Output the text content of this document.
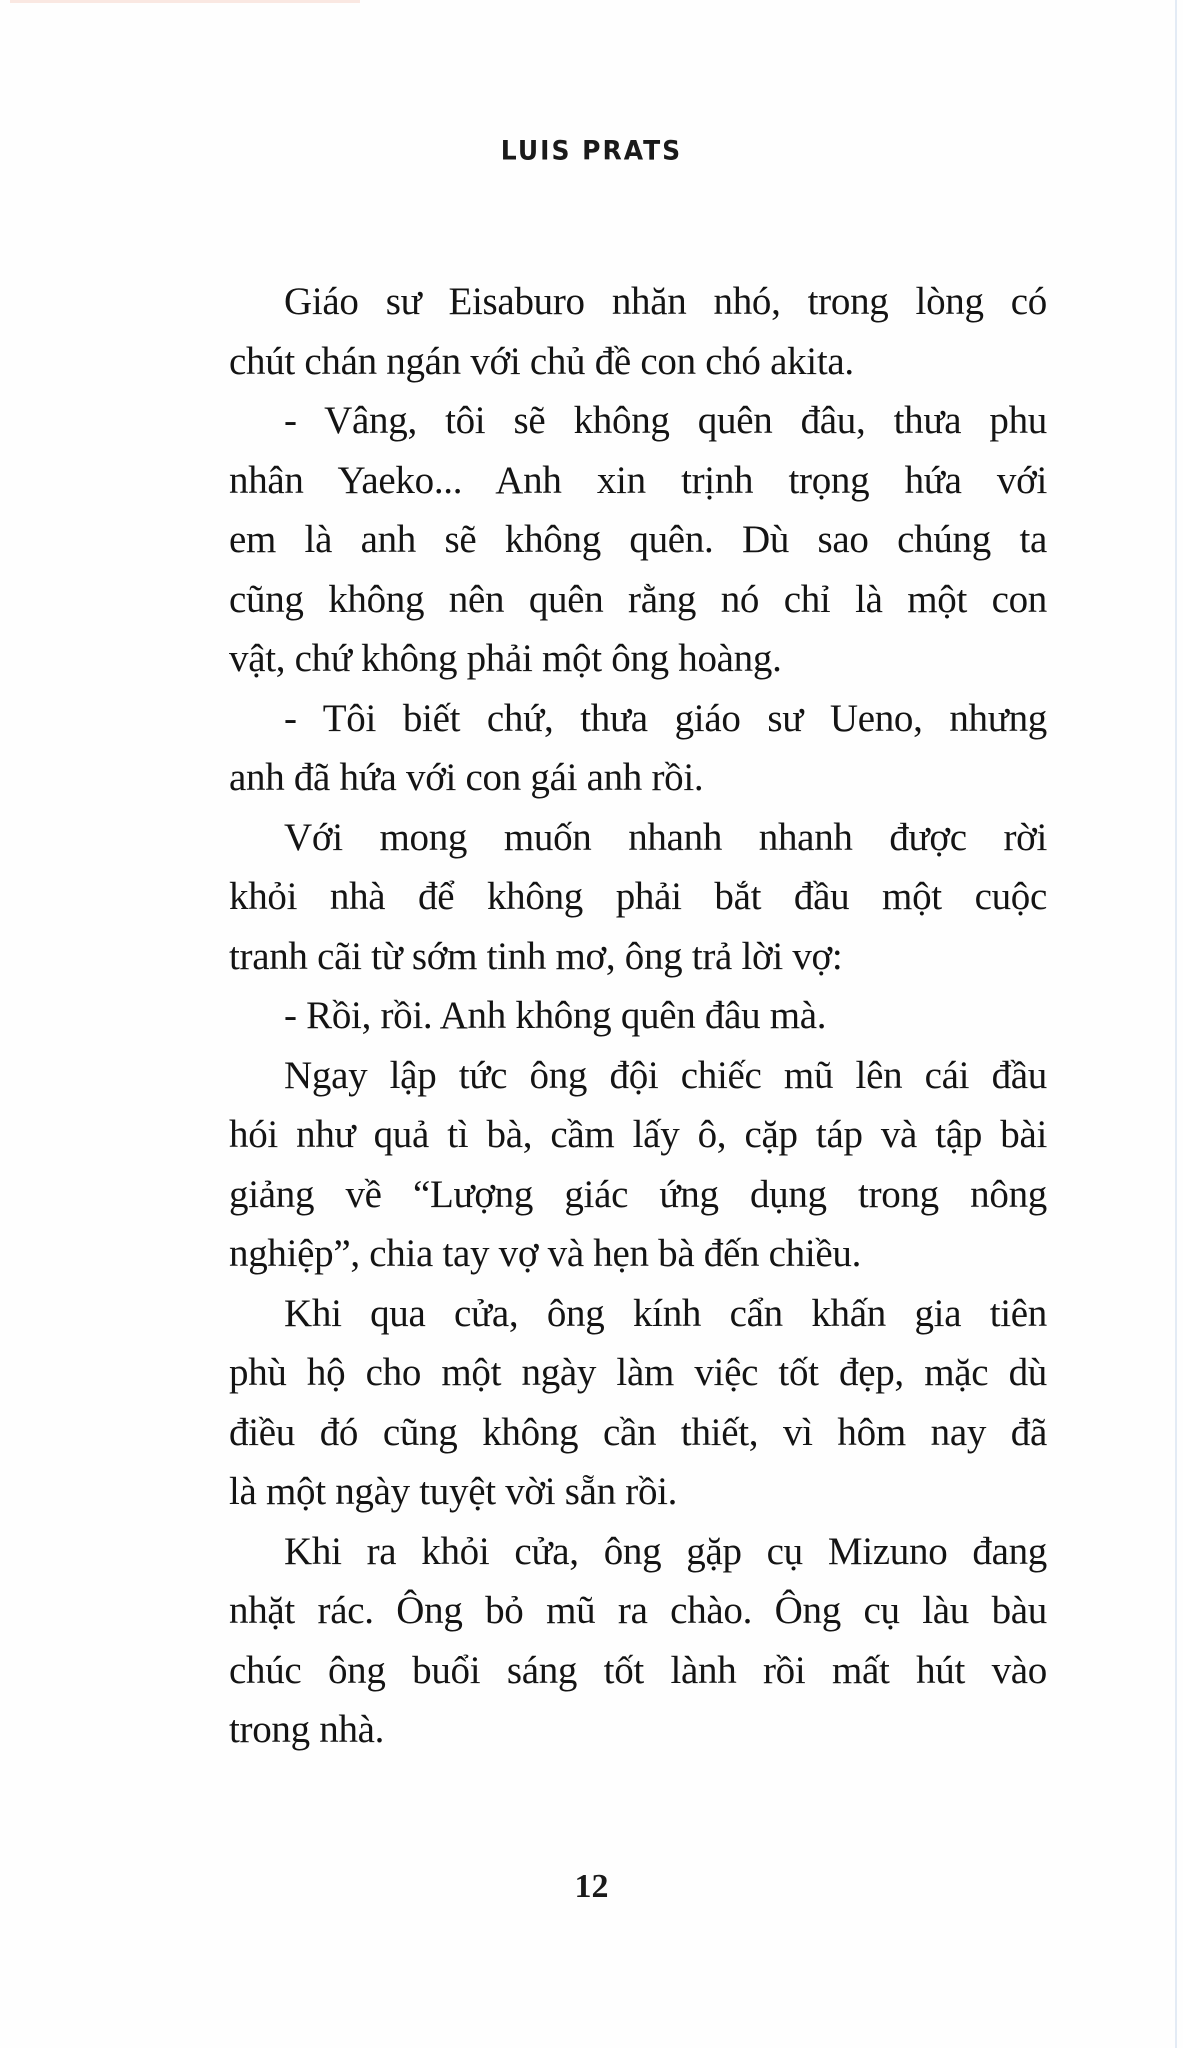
LUIS PRATS
Giáo sư Eisaburo nhăn nhó, trong lòng có
chút chán ngán với chủ đề con chó akita.
- Vâng, tôi sẽ không quên đâu, thưa phu
nhân Yaeko... Anh xin trịnh trọng hứa với
em là anh sẽ không quên. Dù sao chúng ta
cũng không nên quên rằng nó chỉ là một con
vật, chứ không phải một ông hoàng.
- Tôi biết chứ, thưa giáo sư Ueno, nhưng
anh đã hứa với con gái anh rồi.
Với mong muốn nhanh nhanh được rời
khỏi nhà để không phải bắt đầu một cuộc
tranh cãi từ sớm tinh mơ, ông trả lời vợ:
- Rồi, rồi. Anh không quên đâu mà.
Ngay lập tức ông đội chiếc mũ lên cái đầu
hói như quả tì bà, cầm lấy ô, cặp táp và tập bài
giảng về “Lượng giác ứng dụng trong nông
nghiệp”, chia tay vợ và hẹn bà đến chiều.
Khi qua cửa, ông kính cẩn khấn gia tiên
phù hộ cho một ngày làm việc tốt đẹp, mặc dù
điều đó cũng không cần thiết, vì hôm nay đã
là một ngày tuyệt vời sẵn rồi.
Khi ra khỏi cửa, ông gặp cụ Mizuno đang
nhặt rác. Ông bỏ mũ ra chào. Ông cụ làu bàu
chúc ông buổi sáng tốt lành rồi mất hút vào
trong nhà.
12
